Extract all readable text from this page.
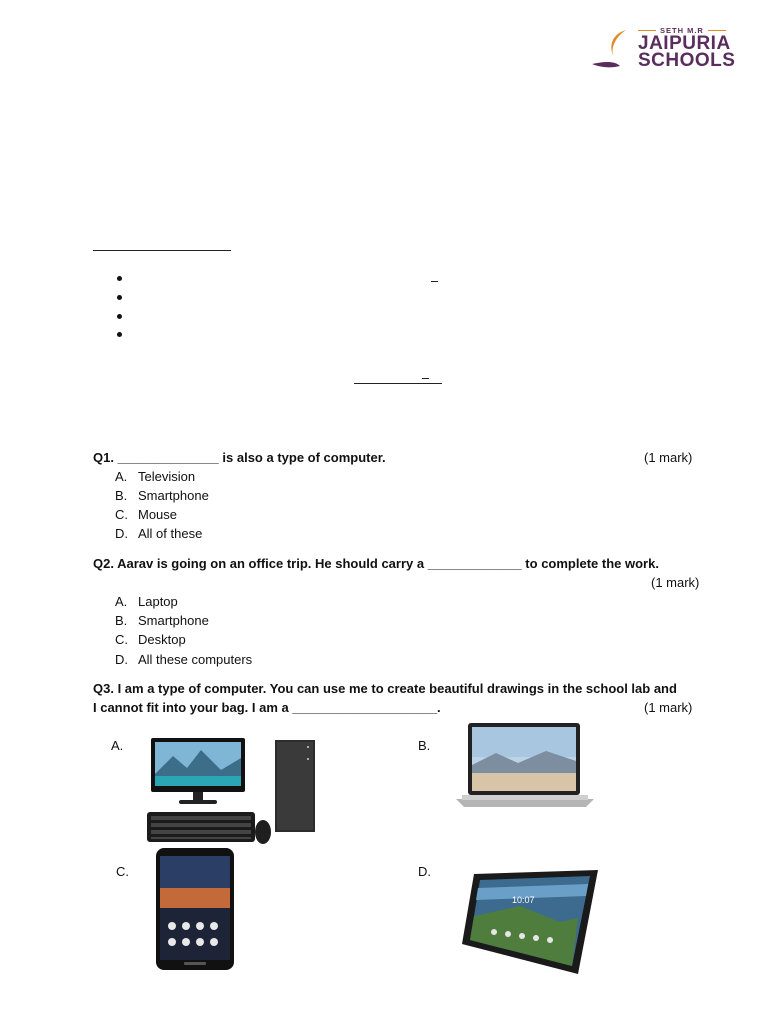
SETH M.R
JAIPURIA
SCHOOLS
Q1. ______________ is also a type of computer.	(1 mark)
A. Television
B. Smartphone
C. Mouse
D. All of these
Q2. Aarav is going on an office trip. He should carry a _____________ to complete the work.
(1 mark)
A. Laptop
B. Smartphone
C. Desktop
D. All these computers
Q3. I am a type of computer. You can use me to create beautiful drawings in the school lab and
I cannot fit into your bag. I am a ____________________.	(1 mark)
A.	B.
C.	D.
10:07
